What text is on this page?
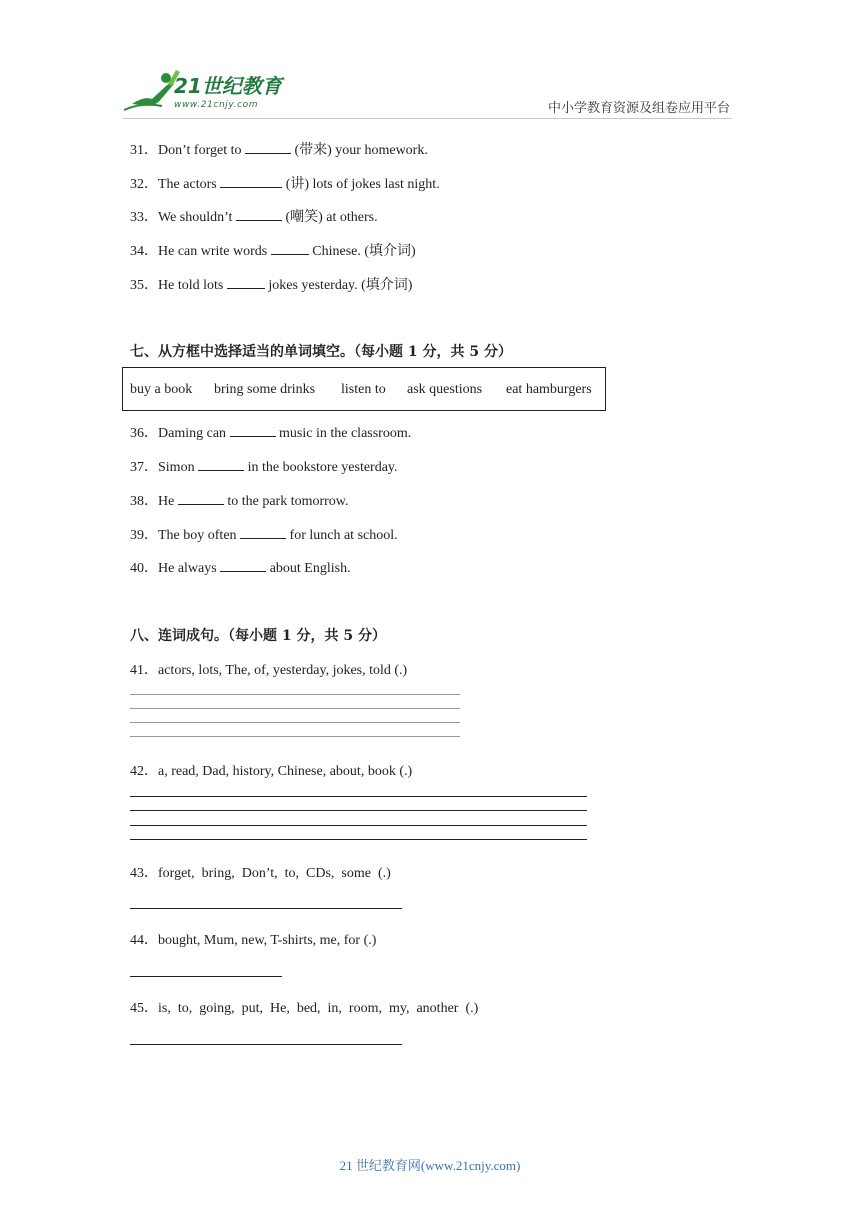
21世纪教育
www.21cnjy.com	中小学教育资源及组卷应用平台
31．Don’t forget to	(带来) your homework.
32．The actors	(讲) lots of jokes last night.
33．We shouldn’t	(嘲笑) at others.
34．He can write words	Chinese. (填介词)
35．He told lots	jokes yesterday. (填介词)
七、从方框中选择适当的单词填空。（每小题 1 分，共 5 分）
buy a book bring some drinks listen to ask questions eat hamburgers
36．Daming can	music in the classroom.
37．Simon	in the bookstore yesterday.
38．He	to the park tomorrow.
39．The boy often	for lunch at school.
40．He always	about English.
八、连词成句。（每小题 1 分，共 5 分）
41．actors, lots, The, of, yesterday, jokes, told (.)
42．a, read, Dad, history, Chinese, about, book (.)
43．forget,  bring,  Don’t,  to,  CDs,  some  (.)
44．bought, Mum, new, T-shirts, me, for (.)
45．is,  to,  going,  put,  He,  bed,  in,  room,  my,  another  (.)
21 世纪教育网(www.21cnjy.com)
